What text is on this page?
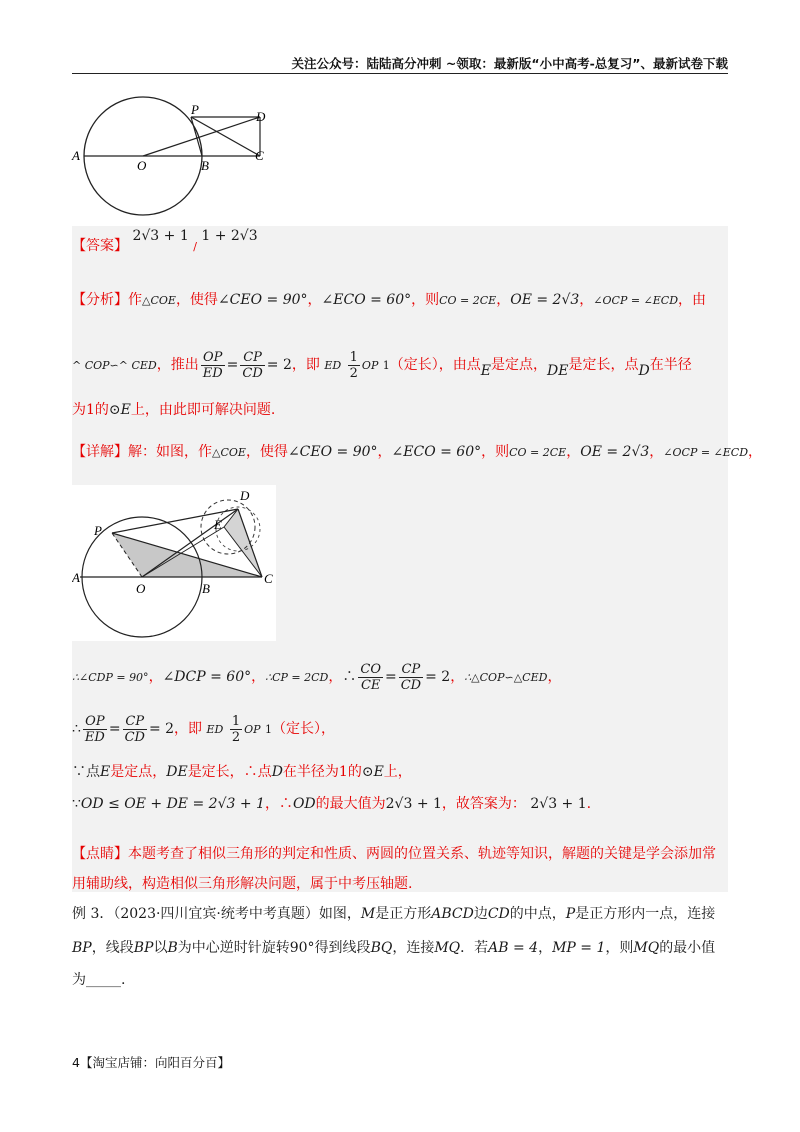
关注公众号：陆陆高分冲刺 ~领取：最新版“小中高考-总复习”、最新试卷下载
P	D
A
O	B
C
【答案】 2√3 + 1 / 1 + 2√3
【分析】作△COE，使得∠CEO = 90°，∠ECO = 60°，则CO = 2CE，OE = 2√3，∠OCP = ∠ECD，由
^ COP∽^ CED，推出 $\frac{OP}{ED} = \frac{CP}{CD} = 2$，即 ED $\frac{1}{2}$ OP 1（定长），由点E是定点，DE是定长，点D在半径
为1的⊙E上，由此即可解决问题.
【详解】解：如图，作△COE，使得∠CEO = 90°，∠ECO = 60°，则CO = 2CE，OE = 2√3，∠OCP = ∠ECD，
P
D
E
A
O	B
C
∴∠CDP = 90°，∠DCP = 60°，∴CP = 2CD，∴ $\frac{CO}{CE} = \frac{CP}{CD} = 2$，∴△COP∽△CED，
∴ $\frac{OP}{ED} = \frac{CP}{CD} = 2$，即 ED $\frac{1}{2}$ OP 1（定长），
∵点E是定点，DE是定长，∴点D在半径为1的⊙E上，
∵OD ≤ OE + DE = 2√3 + 1，∴OD的最大值为2√3 + 1，故答案为： 2√3 + 1.
【点睛】本题考查了相似三角形的判定和性质、两圆的位置关系、轨迹等知识，解题的关键是学会添加常
用辅助线，构造相似三角形解决问题，属于中考压轴题.
例 3．（2023·四川宜宾·统考中考真题）如图，M是正方形ABCD边CD的中点，P是正方形内一点，连接
BP，线段BP以B为中心逆时针旋转90°得到线段BQ，连接MQ．若AB = 4，MP = 1，则MQ的最小值
为_____.
4【淘宝店铺：向阳百分百】
